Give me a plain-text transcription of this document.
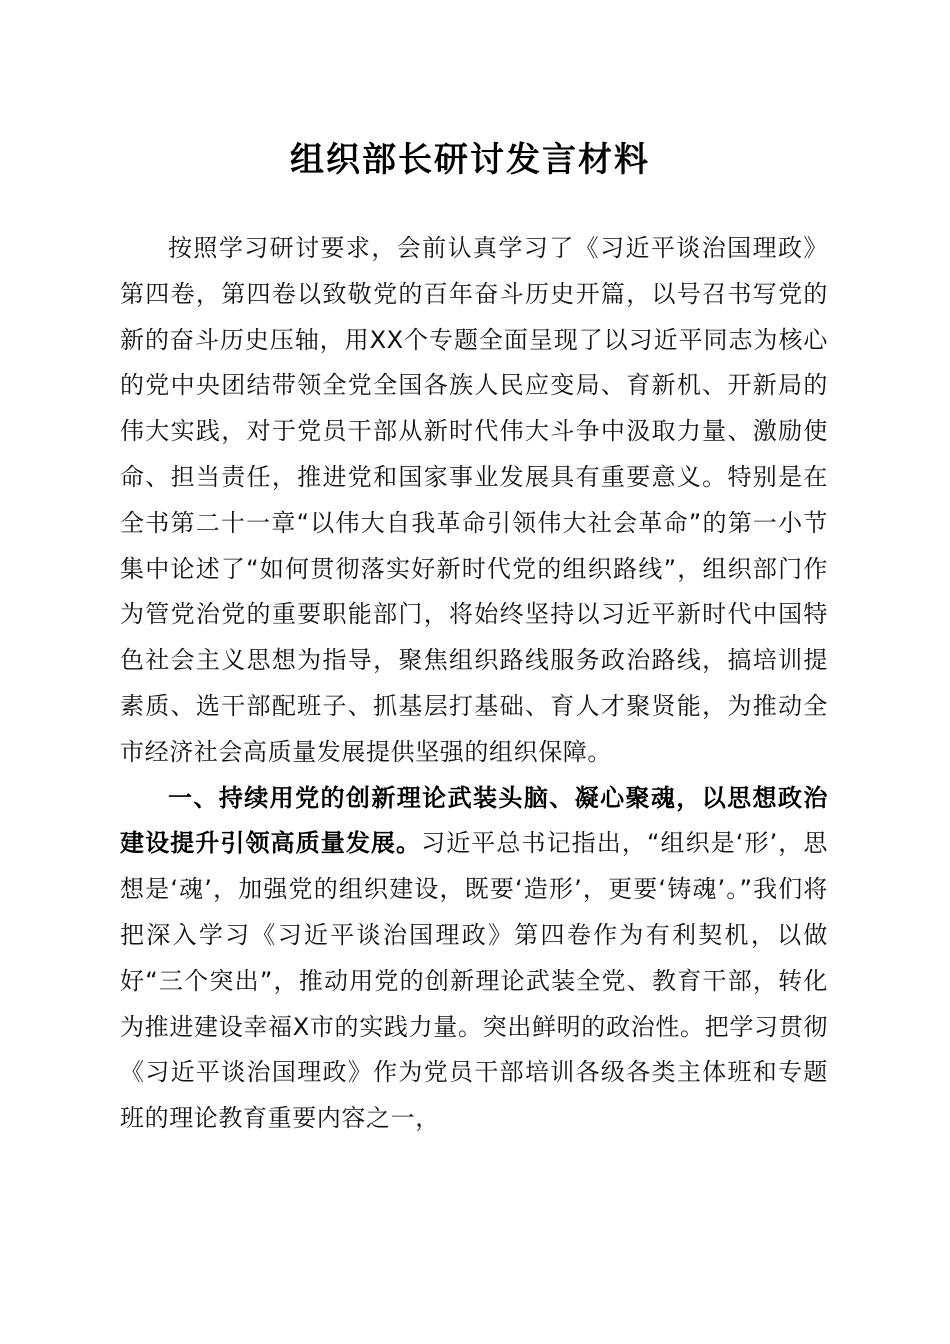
组织部长研讨发言材料

按照学习研讨要求，会前认真学习了《习近平谈治国理政》第四卷，第四卷以致敬党的百年奋斗历史开篇，以号召书写党的新的奋斗历史压轴，用XX个专题全面呈现了以习近平同志为核心的党中央团结带领全党全国各族人民应变局、育新机、开新局的伟大实践，对于党员干部从新时代伟大斗争中汲取力量、激励使命、担当责任，推进党和国家事业发展具有重要意义。特别是在全书第二十一章“以伟大自我革命引领伟大社会革命”的第一小节集中论述了“如何贯彻落实好新时代党的组织路线”，组织部门作为管党治党的重要职能部门，将始终坚持以习近平新时代中国特色社会主义思想为指导，聚焦组织路线服务政治路线，搞培训提素质、选干部配班子、抓基层打基础、育人才聚贤能，为推动全市经济社会高质量发展提供坚强的组织保障。

一、持续用党的创新理论武装头脑、凝心聚魂，以思想政治建设提升引领高质量发展。习近平总书记指出，“组织是‘形’，思想是‘魂’，加强党的组织建设，既要‘造形’，更要‘铸魂’。”我们将把深入学习《习近平谈治国理政》第四卷作为有利契机，以做好“三个突出”，推动用党的创新理论武装全党、教育干部，转化为推进建设幸福X市的实践力量。突出鲜明的政治性。把学习贯彻《习近平谈治国理政》作为党员干部培训各级各类主体班和专题班的理论教育重要内容之一，
